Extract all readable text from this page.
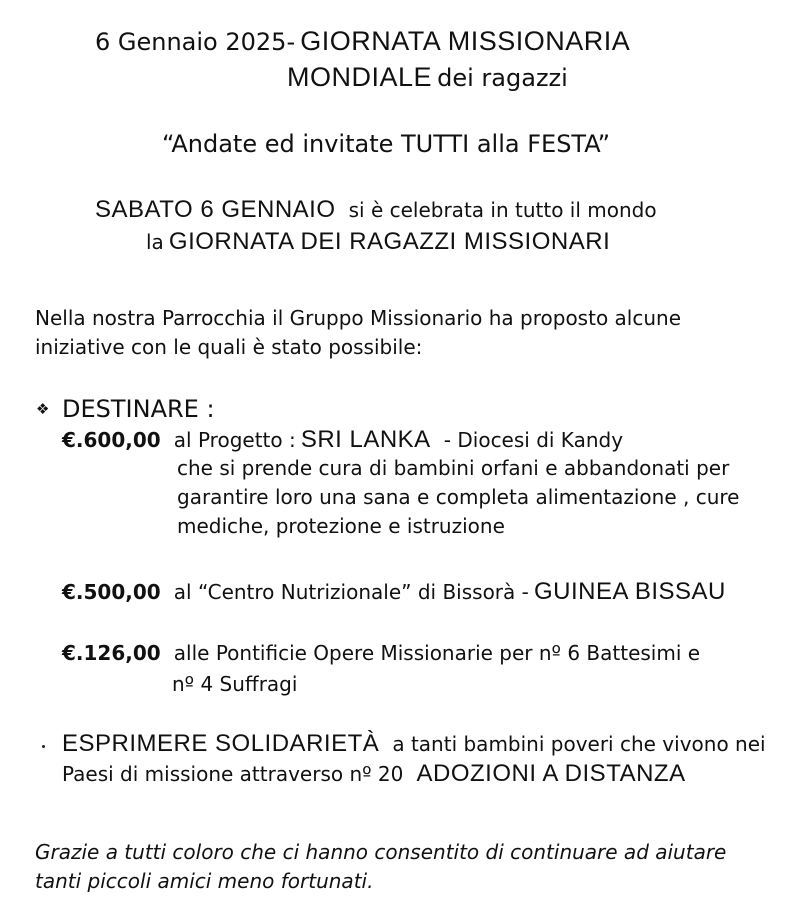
6 Gennaio 2025- GIORNATA MISSIONARIA
MONDIALE dei ragazzi

“Andate ed invitate TUTTI alla FESTA”

SABATO 6 GENNAIO si è celebrata in tutto il mondo
la GIORNATA DEI RAGAZZI MISSIONARI

Nella nostra Parrocchia il Gruppo Missionario ha proposto alcune

iniziative con le quali è stato possibile:

❖ DESTINARE :

€.600,00 al Progetto : SRI LANKA - Diocesi di Kandy

che si prende cura di bambini orfani e abbandonati per

garantire loro una sana e completa alimentazione , cure

mediche, protezione e istruzione

€.500,00 al “Centro Nutrizionale” di Bissorà - GUINEA BISSAU
€.126,00 alle Pontificie Opere Missionarie per nº 6 Battesimi e

nº 4 Suffragi

ESPRIMERE SOLIDARIETÀ a tanti bambini poveri che vivono nei
Paesi di missione attraverso nº 20 ADOZIONI A DISTANZA

Grazie a tutti coloro che ci hanno consentito di continuare ad aiutare

tanti piccoli amici meno fortunati.
